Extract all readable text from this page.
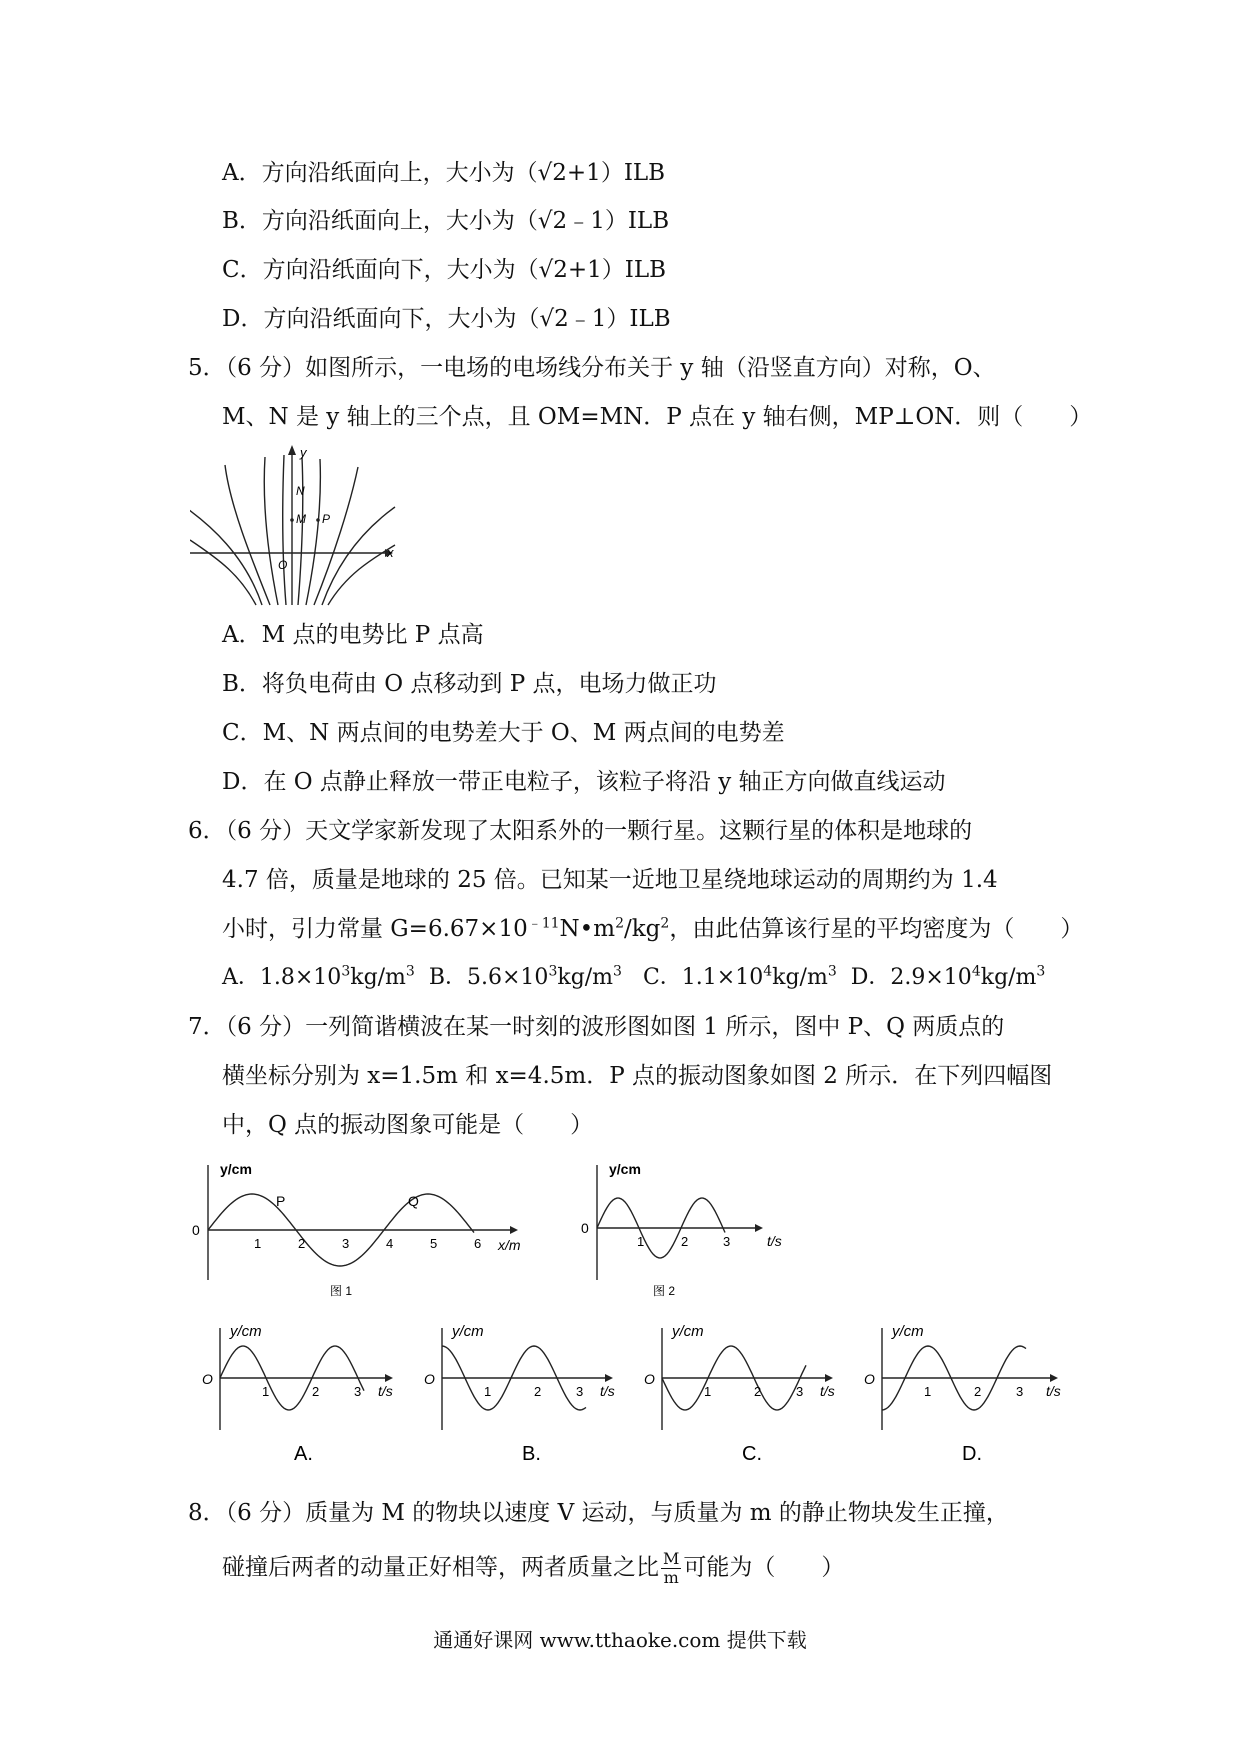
A．方向沿纸面向上，大小为（√2+1）ILB
B．方向沿纸面向上，大小为（√2﹣1）ILB
C．方向沿纸面向下，大小为（√2+1）ILB
D．方向沿纸面向下，大小为（√2﹣1）ILB
5．（6 分）如图所示，一电场的电场线分布关于 y 轴（沿竖直方向）对称，O、
M、N 是 y 轴上的三个点，且 OM=MN．P 点在 y 轴右侧，MP⊥ON．则（　　）
y
x
N
M P
O
A．M 点的电势比 P 点高
B．将负电荷由 O 点移动到 P 点，电场力做正功
C．M、N 两点间的电势差大于 O、M 两点间的电势差
D．在 O 点静止释放一带正电粒子，该粒子将沿 y 轴正方向做直线运动
6．（6 分）天文学家新发现了太阳系外的一颗行星。这颗行星的体积是地球的
4.7 倍，质量是地球的 25 倍。已知某一近地卫星绕地球运动的周期约为 1.4
小时，引力常量 $G=6.67\times 10^{﹣11}N•m^2/kg^2$，由此估算该行星的平均密度为（　　）
A．$1.8\times 10^3kg/m^3$ B．$5.6\times 10^3kg/m^3$ C．$1.1\times 10^4kg/m^3$ D．$2.9\times 10^4kg/m^3$
7．（6 分）一列简谐横波在某一时刻的波形图如图 1 所示，图中 P、Q 两质点的
横坐标分别为 x=1.5m 和 x=4.5m．P 点的振动图象如图 2 所示．在下列四幅图
中，Q 点的振动图象可能是（　　）
y/cm
0
x/m
1	2	3	4	5	6
P	Q
图 1
y/cm
0
t/s
1	2	3
图 2
y/cm
O
1	2	3 t/s
A.
y/cm
O
1	2	3 t/s
B.
y/cm
O
1	2	3 t/s
C.
y/cm
O
1	2	3 t/s
D.
8．（6 分）质量为 M 的物块以速度 V 运动，与质量为 m 的静止物块发生正撞，
碰撞后两者的动量正好相等，两者质量之比 $\frac{M}{m}$ 可能为（　　）
通通好课网 www.tthaoke.com 提供下载
